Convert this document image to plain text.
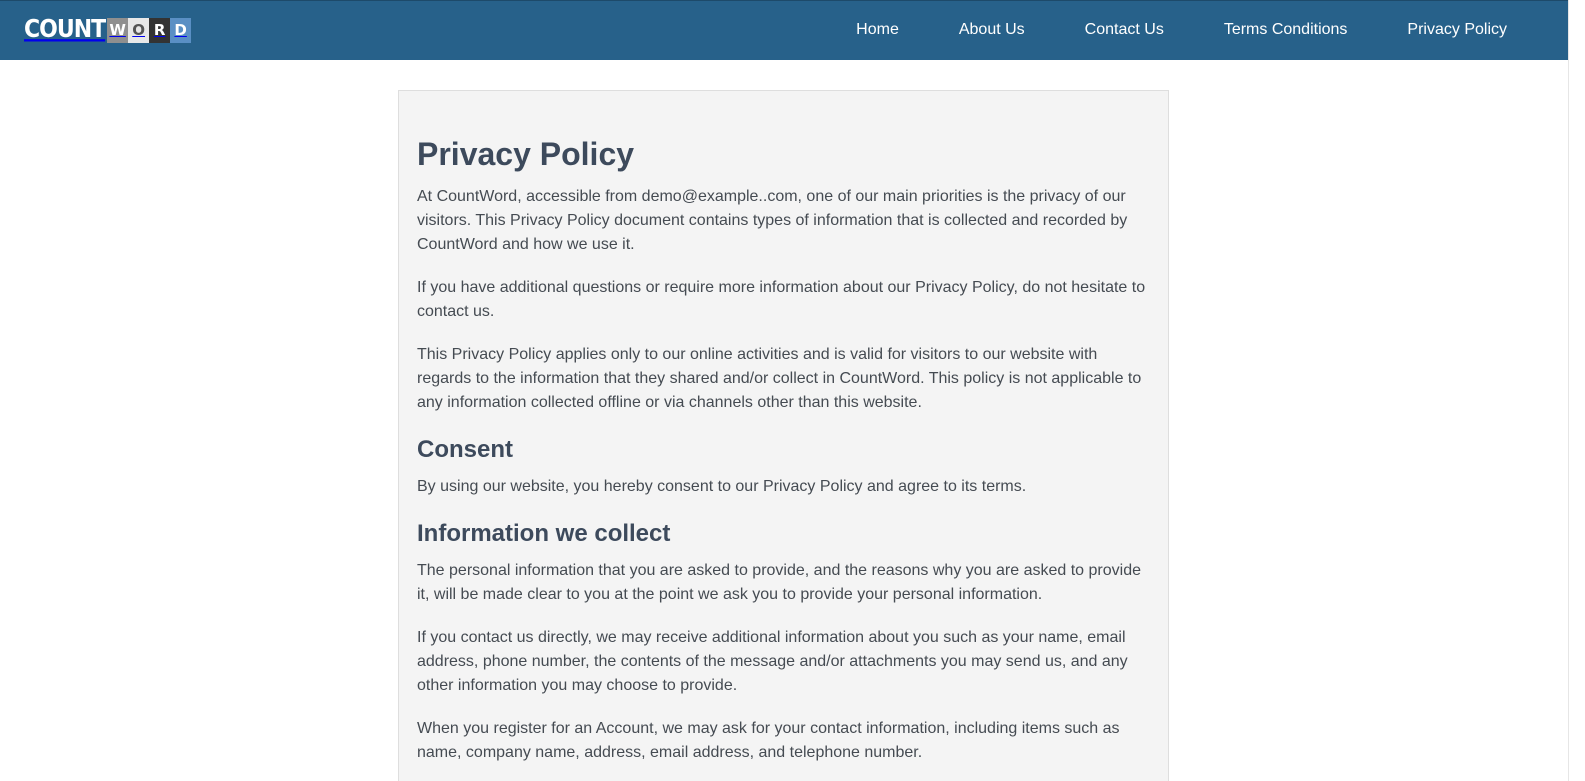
COUNT W O R D	Home	About Us	Contact Us	Terms Conditions	Privacy Policy
Privacy Policy

At CountWord, accessible from demo@example..com, one of our main priorities is the privacy of our visitors. This Privacy Policy document contains types of information that is collected and recorded by CountWord and how we use it.

If you have additional questions or require more information about our Privacy Policy, do not hesitate to contact us.

This Privacy Policy applies only to our online activities and is valid for visitors to our website with regards to the information that they shared and/or collect in CountWord. This policy is not applicable to any information collected offline or via channels other than this website.

Consent

By using our website, you hereby consent to our Privacy Policy and agree to its terms.

Information we collect

The personal information that you are asked to provide, and the reasons why you are asked to provide it, will be made clear to you at the point we ask you to provide your personal information.

If you contact us directly, we may receive additional information about you such as your name, email address, phone number, the contents of the message and/or attachments you may send us, and any other information you may choose to provide.

When you register for an Account, we may ask for your contact information, including items such as name, company name, address, email address, and telephone number.
